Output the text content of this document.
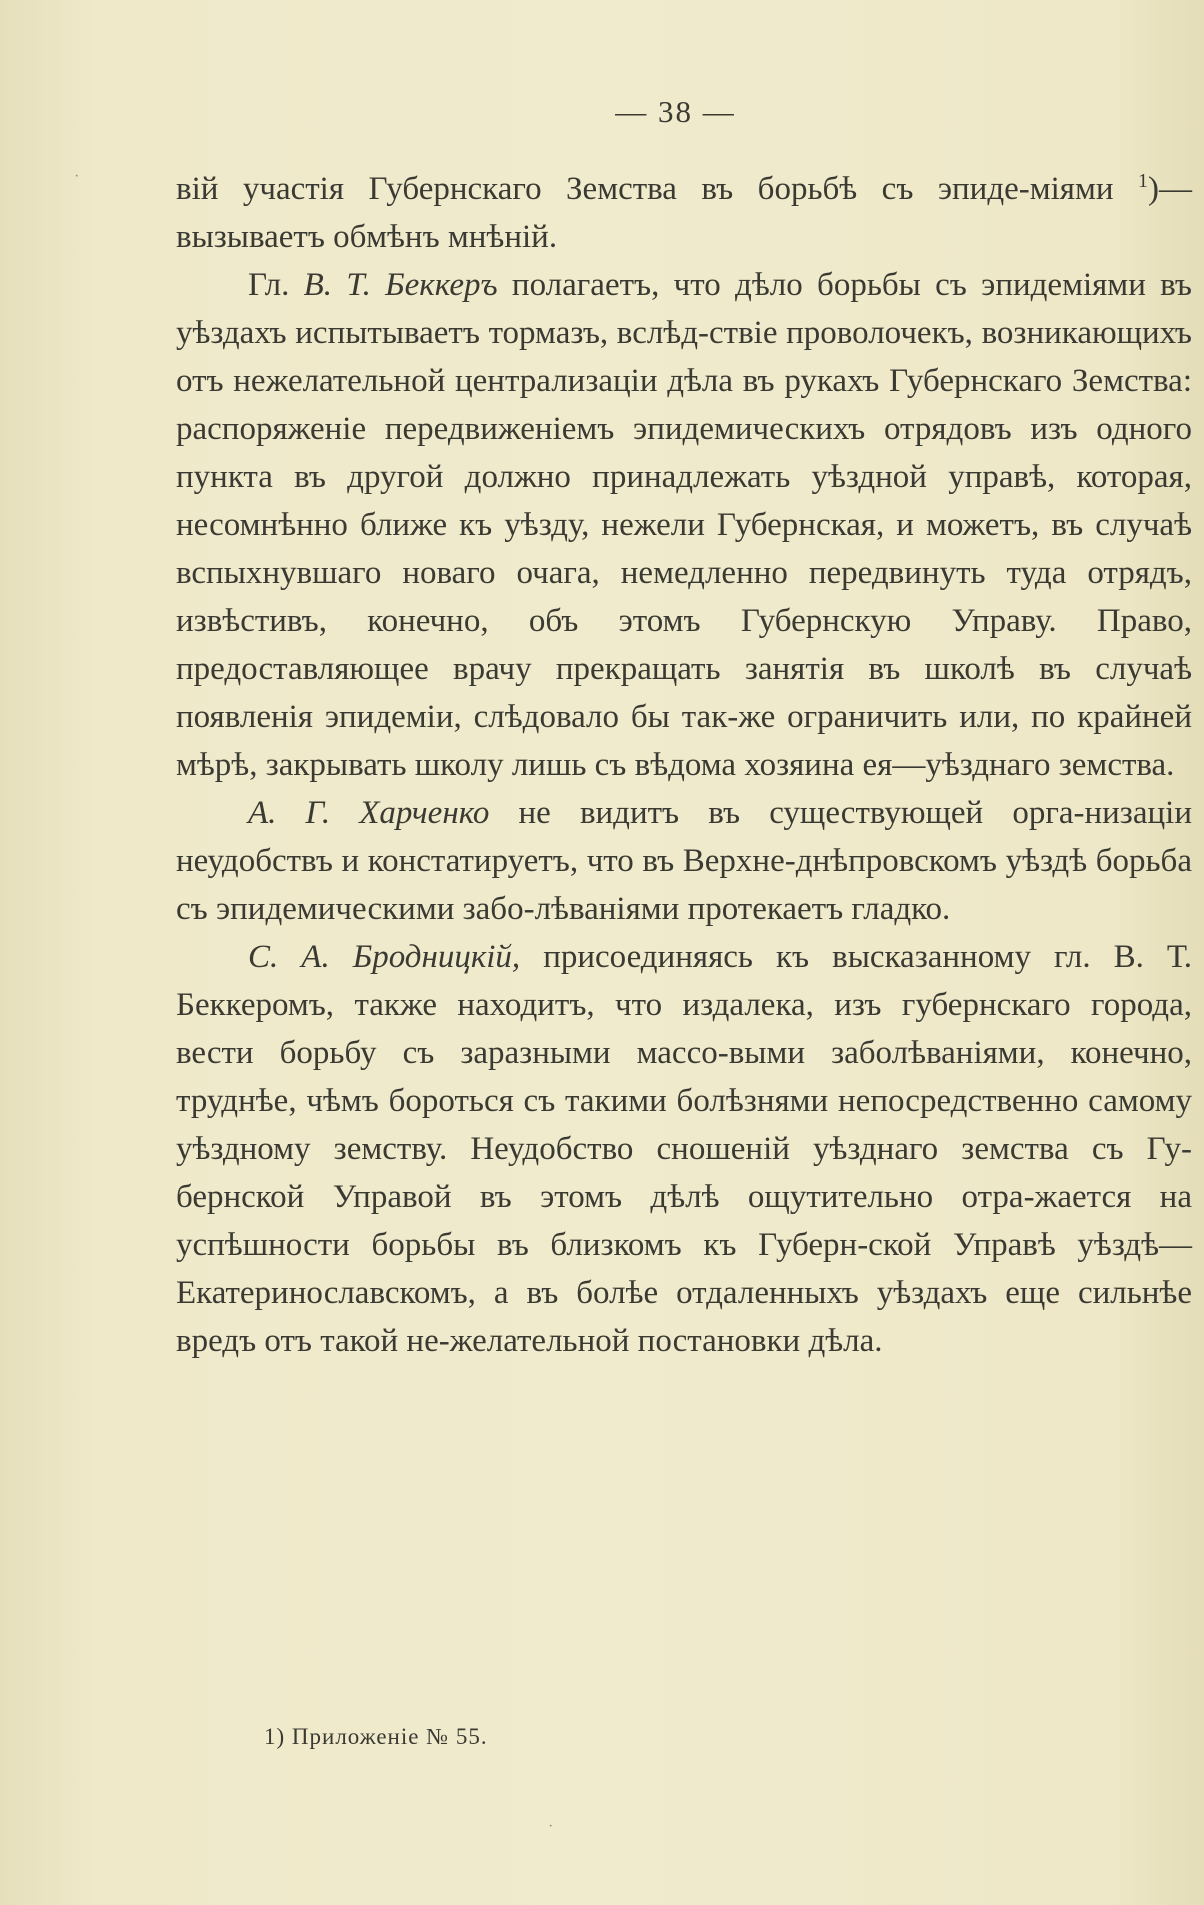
— 38 —

вій участія Губернскаго Земства въ борьбѣ съ эпиде-міями $^1$)—вызываетъ обмѣнъ мнѣній.

Гл. В. Т. Беккеръ полагаетъ, что дѣло борьбы съ эпидеміями въ уѣздахъ испытываетъ тормазъ, вслѣд-ствіе проволочекъ, возникающихъ отъ нежелательной централизаціи дѣла въ рукахъ Губернскаго Земства: распоряженіе передвиженіемъ эпидемическихъ отрядовъ изъ одного пункта въ другой должно принадлежать уѣздной управѣ, которая, несомнѣнно ближе къ уѣзду, нежели Губернская, и можетъ, въ случаѣ вспыхнувшаго новаго очага, немедленно передвинуть туда отрядъ, извѣстивъ, конечно, объ этомъ Губернскую Управу. Право, предоставляющее врачу прекращать занятія въ школѣ въ случаѣ появленія эпидеміи, слѣдовало бы так-же ограничить или, по крайней мѣрѣ, закрывать школу лишь съ вѣдома хозяина ея—уѣзднаго земства.

А. Г. Харченко не видитъ въ существующей орга-низаціи неудобствъ и констатируетъ, что въ Верхне-днѣпровскомъ уѣздѣ борьба съ эпидемическими забо-лѣваніями протекаетъ гладко.

С. А. Бродницкій, присоединяясь къ высказанному гл. В. Т. Беккеромъ, также находитъ, что издалека, изъ губернскаго города, вести борьбу съ заразными массо-выми заболѣваніями, конечно, труднѣе, чѣмъ бороться съ такими болѣзнями непосредственно самому уѣздному земству. Неудобство сношеній уѣзднаго земства съ Гу-бернской Управой въ этомъ дѣлѣ ощутительно отра-жается на успѣшности борьбы въ близкомъ къ Губерн-ской Управѣ уѣздѣ—Екатеринославскомъ, а въ болѣе отдаленныхъ уѣздахъ еще сильнѣе вредъ отъ такой не-желательной постановки дѣла.

1) Приложеніе № 55.
·
·
